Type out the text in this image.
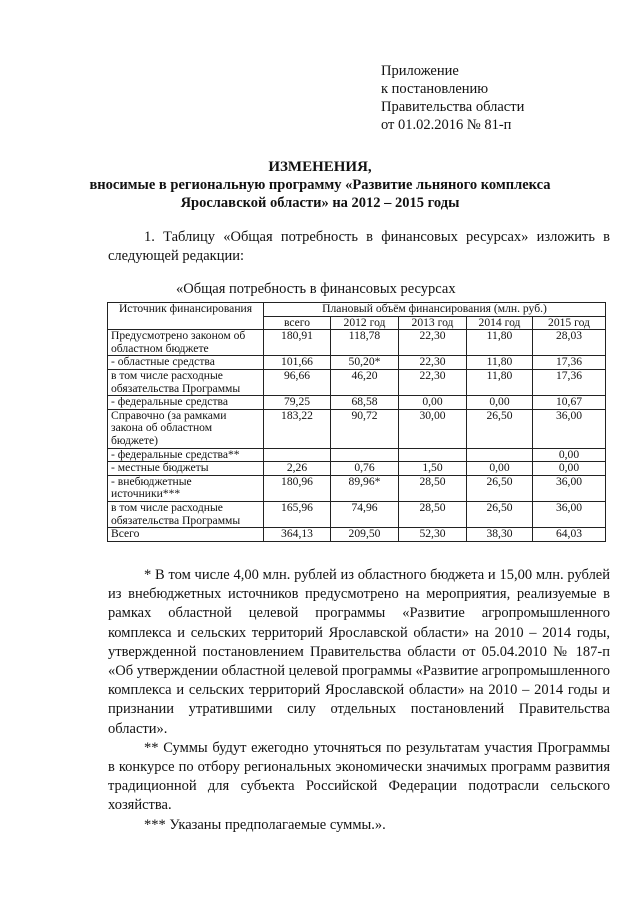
Приложение
к постановлению
Правительства области
от 01.02.2016 № 81-п
ИЗМЕНЕНИЯ,
вносимые в региональную программу «Развитие льняного комплекса
Ярославской области» на 2012 – 2015 годы
1. Таблицу «Общая потребность в финансовых ресурсах» изложить в следующей редакции:
«Общая потребность в финансовых ресурсах
Источник финансирования	Плановый объём финансирования (млн. руб.)				
	всего	2012 год	2013 год	2014 год	2015 год
Предусмотрено законом об областном бюджете	180,91	118,78	22,30	11,80	28,03
- областные средства	101,66	50,20*	22,30	11,80	17,36
в том числе расходные обязательства Программы	96,66	46,20	22,30	11,80	17,36
- федеральные средства	79,25	68,58	0,00	0,00	10,67
Справочно (за рамками закона об областном бюджете)	183,22	90,72	30,00	26,50	36,00
- федеральные средства**					0,00
- местные бюджеты	2,26	0,76	1,50	0,00	0,00
- внебюджетные источники***	180,96	89,96*	28,50	26,50	36,00
в том числе расходные обязательства Программы	165,96	74,96	28,50	26,50	36,00
Всего	364,13	209,50	52,30	38,30	64,03

* В том числе 4,00 млн. рублей из областного бюджета и 15,00 млн. рублей из внебюджетных источников предусмотрено на мероприятия, реализуемые в рамках областной целевой программы «Развитие агропромышленного комплекса и сельских территорий Ярославской области» на 2010 – 2014 годы, утвержденной постановлением Правительства области от 05.04.2010 № 187-п «Об утверждении областной целевой программы «Развитие агропромышленного комплекса и сельских территорий Ярославской области» на 2010 – 2014 годы и признании утратившими силу отдельных постановлений Правительства области».

** Суммы будут ежегодно уточняться по результатам участия Программы в конкурсе по отбору региональных экономически значимых программ развития традиционной для субъекта Российской Федерации подотрасли сельского хозяйства.

*** Указаны предполагаемые суммы.».
